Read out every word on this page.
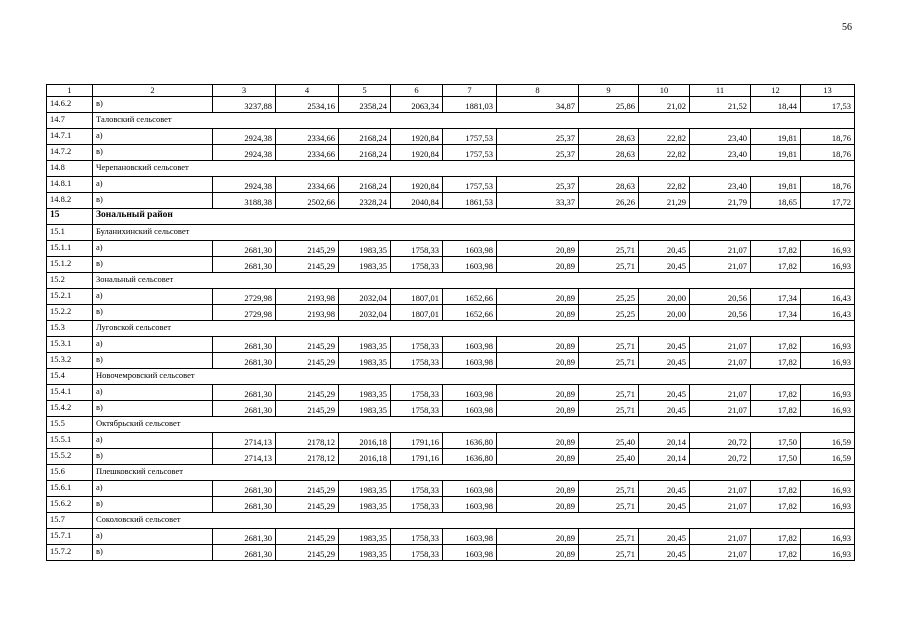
56
1	2	3	4	5	6	7	8	9	10	11	12	13
14.6.2	в)	3237,88	2534,16	2358,24	2063,34	1881,03	34,87	25,86	21,02	21,52	18,44	17,53
14.7	Таловский сельсовет											
14.7.1	а)	2924,38	2334,66	2168,24	1920,84	1757,53	25,37	28,63	22,82	23,40	19,81	18,76
14.7.2	в)	2924,38	2334,66	2168,24	1920,84	1757,53	25,37	28,63	22,82	23,40	19,81	18,76
14.8	Черепановский сельсовет											
14.8.1	а)	2924,38	2334,66	2168,24	1920,84	1757,53	25,37	28,63	22,82	23,40	19,81	18,76
14.8.2	в)	3188,38	2502,66	2328,24	2040,84	1861,53	33,37	26,26	21,29	21,79	18,65	17,72
15	Зональный район											
15.1	Буланихинский сельсовет											
15.1.1	а)	2681,30	2145,29	1983,35	1758,33	1603,98	20,89	25,71	20,45	21,07	17,82	16,93
15.1.2	в)	2681,30	2145,29	1983,35	1758,33	1603,98	20,89	25,71	20,45	21,07	17,82	16,93
15.2	Зональный сельсовет											
15.2.1	а)	2729,98	2193,98	2032,04	1807,01	1652,66	20,89	25,25	20,00	20,56	17,34	16,43
15.2.2	в)	2729,98	2193,98	2032,04	1807,01	1652,66	20,89	25,25	20,00	20,56	17,34	16,43
15.3	Луговской сельсовет											
15.3.1	а)	2681,30	2145,29	1983,35	1758,33	1603,98	20,89	25,71	20,45	21,07	17,82	16,93
15.3.2	в)	2681,30	2145,29	1983,35	1758,33	1603,98	20,89	25,71	20,45	21,07	17,82	16,93
15.4	Новочемровский сельсовет											
15.4.1	а)	2681,30	2145,29	1983,35	1758,33	1603,98	20,89	25,71	20,45	21,07	17,82	16,93
15.4.2	в)	2681,30	2145,29	1983,35	1758,33	1603,98	20,89	25,71	20,45	21,07	17,82	16,93
15.5	Октябрьский сельсовет											
15.5.1	а)	2714,13	2178,12	2016,18	1791,16	1636,80	20,89	25,40	20,14	20,72	17,50	16,59
15.5.2	в)	2714,13	2178,12	2016,18	1791,16	1636,80	20,89	25,40	20,14	20,72	17,50	16,59
15.6	Плешковский сельсовет											
15.6.1	а)	2681,30	2145,29	1983,35	1758,33	1603,98	20,89	25,71	20,45	21,07	17,82	16,93
15.6.2	в)	2681,30	2145,29	1983,35	1758,33	1603,98	20,89	25,71	20,45	21,07	17,82	16,93
15.7	Соколовский сельсовет											
15.7.1	а)	2681,30	2145,29	1983,35	1758,33	1603,98	20,89	25,71	20,45	21,07	17,82	16,93
15.7.2	в)	2681,30	2145,29	1983,35	1758,33	1603,98	20,89	25,71	20,45	21,07	17,82	16,93
